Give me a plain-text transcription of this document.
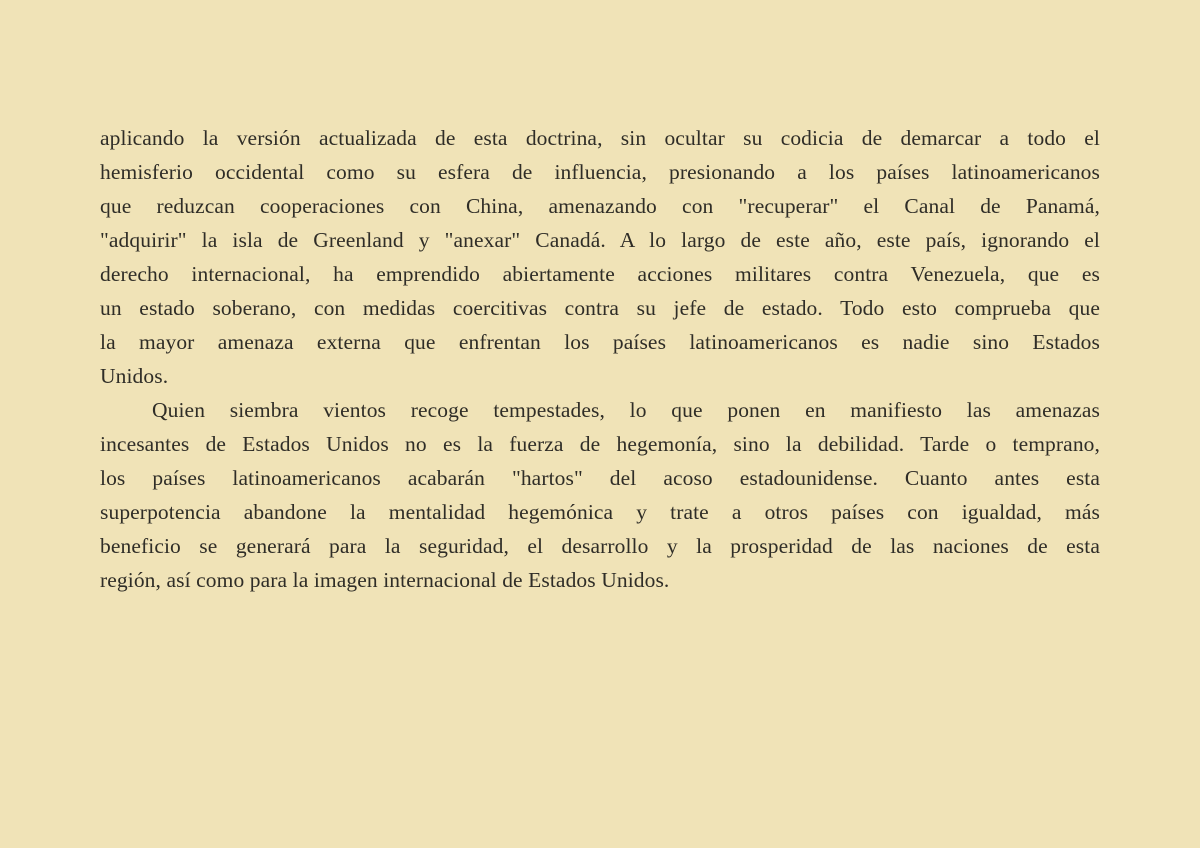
aplicando la versión actualizada de esta doctrina, sin ocultar su codicia de demarcar a todo el
hemisferio occidental como su esfera de influencia, presionando a los países latinoamericanos
que reduzcan cooperaciones con China, amenazando con "recuperar" el Canal de Panamá,
"adquirir" la isla de Greenland y "anexar" Canadá. A lo largo de este año, este país, ignorando el
derecho internacional, ha emprendido abiertamente acciones militares contra Venezuela, que es
un estado soberano, con medidas coercitivas contra su jefe de estado. Todo esto comprueba que
la mayor amenaza externa que enfrentan los países latinoamericanos es nadie sino Estados
Unidos.

Quien siembra vientos recoge tempestades, lo que ponen en manifiesto las amenazas
incesantes de Estados Unidos no es la fuerza de hegemonía, sino la debilidad. Tarde o temprano,
los países latinoamericanos acabarán "hartos" del acoso estadounidense. Cuanto antes esta
superpotencia abandone la mentalidad hegemónica y trate a otros países con igualdad, más
beneficio se generará para la seguridad, el desarrollo y la prosperidad de las naciones de esta
región, así como para la imagen internacional de Estados Unidos.
